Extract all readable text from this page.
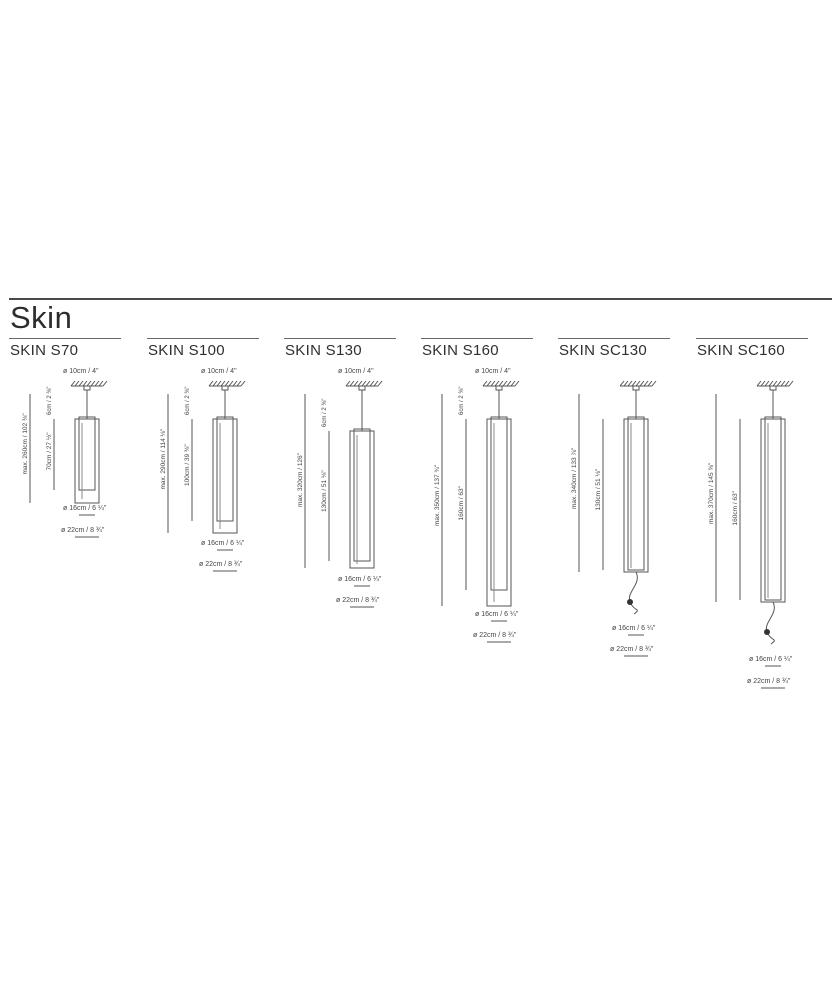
Skin
SKIN S70	SKIN S100	SKIN S130	SKIN S160	SKIN SC130	SKIN SC160
ø 10cm / 4"
6cm / 2 ⅜"
max. 260cm / 102 ⅜"	70cm / 27 ½"
ø 16cm / 6 ¼"
ø 22cm / 8 ¾"
ø 10cm / 4"
6cm / 2 ⅜"
max. 290cm / 114 ⅛"	100cm / 39 ⅜"
ø 16cm / 6 ¼"
ø 22cm / 8 ¾"
ø 10cm / 4"
6cm / 2 ⅜"
max. 320cm / 126"	130cm / 51 ⅛"
ø 16cm / 6 ¼"
ø 22cm / 8 ¾"
ø 10cm / 4"
6cm / 2 ⅜"
max. 350cm / 137 ¾"	160cm / 63"
ø 16cm / 6 ¼"
ø 22cm / 8 ¾"
max. 340cm / 133 ⅞"	130cm / 51 ⅛"
ø 16cm / 6 ¼"
ø 22cm / 8 ¾"
max. 370cm / 145 ⅝"	160cm / 63"
ø 16cm / 6 ¼"
ø 22cm / 8 ¾"
